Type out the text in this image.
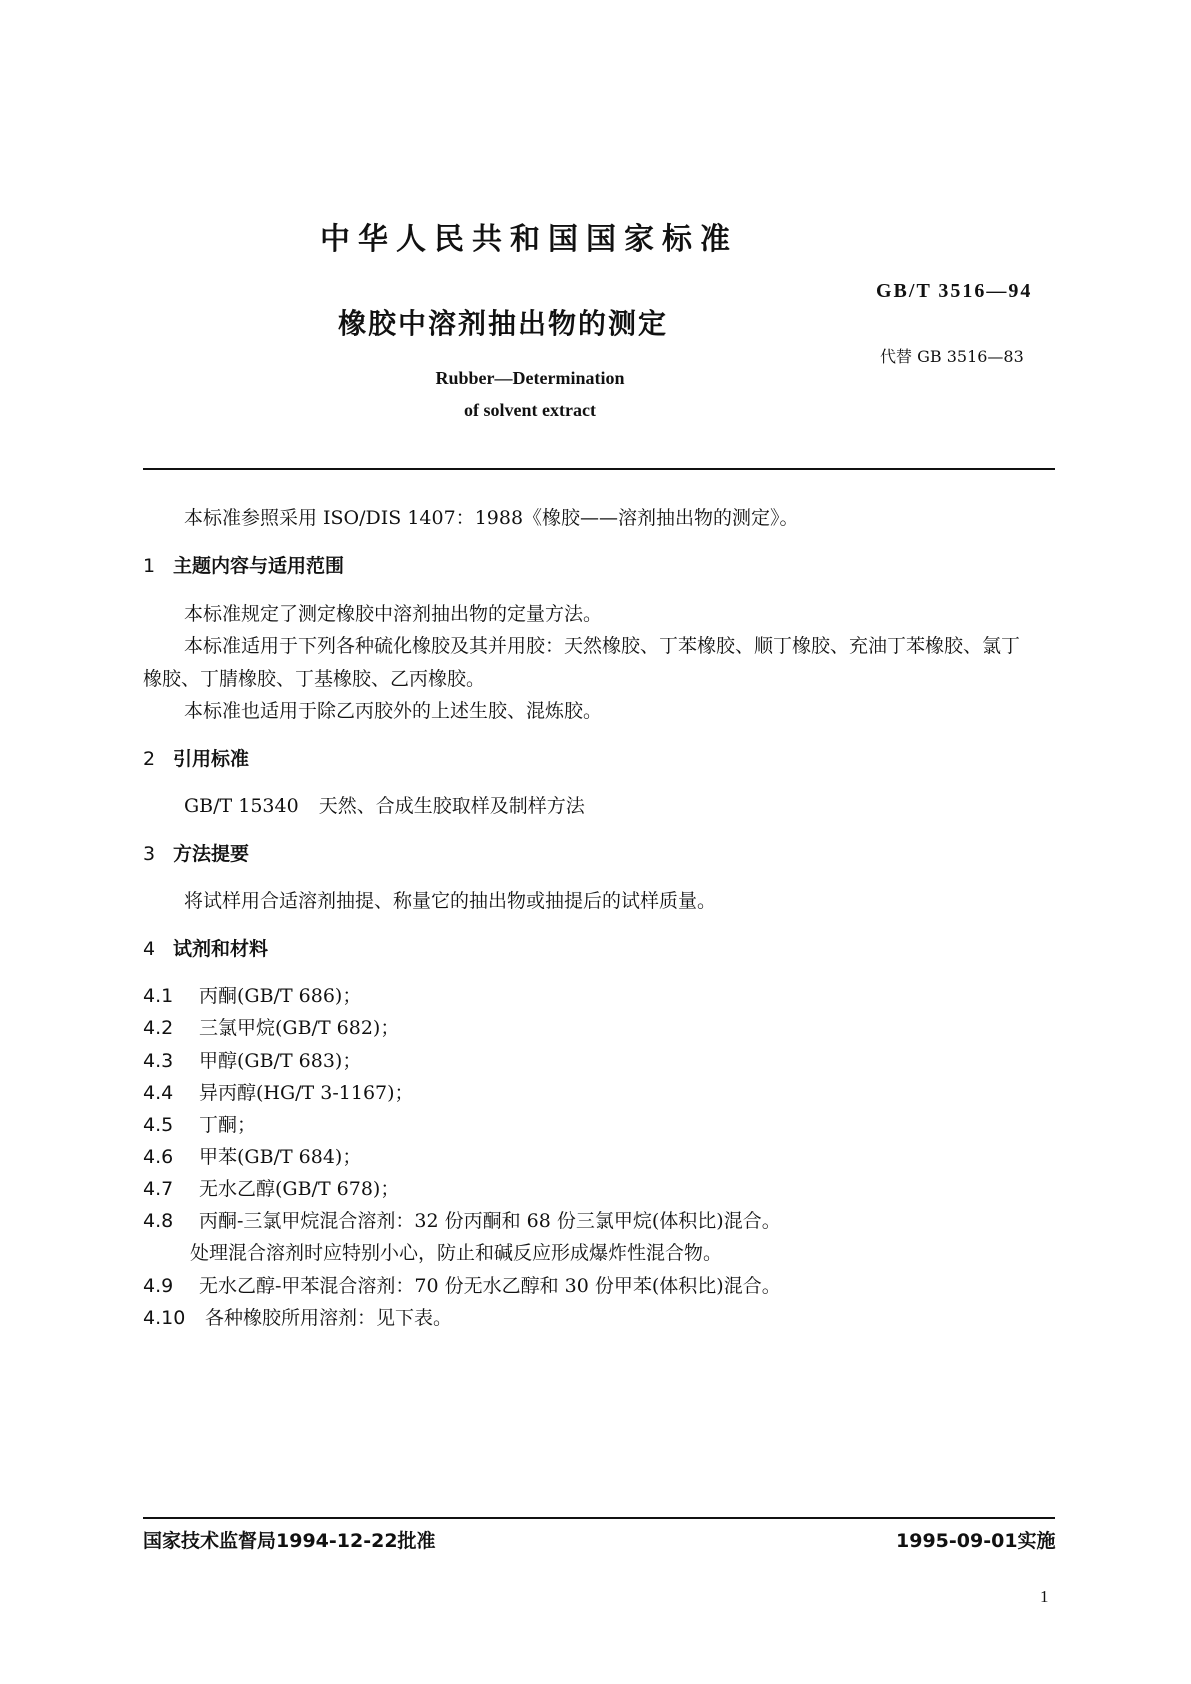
中华人民共和国国家标准
GB/T 3516—94
橡胶中溶剂抽出物的测定
代替 GB 3516—83
Rubber—Determination
of solvent extract
本标准参照采用 ISO/DIS 1407：1988《橡胶——溶剂抽出物的测定》。
1 主题内容与适用范围
本标准规定了测定橡胶中溶剂抽出物的定量方法。
本标准适用于下列各种硫化橡胶及其并用胶：天然橡胶、丁苯橡胶、顺丁橡胶、充油丁苯橡胶、氯丁
橡胶、丁腈橡胶、丁基橡胶、乙丙橡胶。
本标准也适用于除乙丙胶外的上述生胶、混炼胶。
2 引用标准
GB/T 15340 天然、合成生胶取样及制样方法
3 方法提要
将试样用合适溶剂抽提、称量它的抽出物或抽提后的试样质量。
4 试剂和材料
4.1 丙酮(GB/T 686)；
4.2 三氯甲烷(GB/T 682)；
4.3 甲醇(GB/T 683)；
4.4 异丙醇(HG/T 3-1167)；
4.5 丁酮；
4.6 甲苯(GB/T 684)；
4.7 无水乙醇(GB/T 678)；
4.8 丙酮-三氯甲烷混合溶剂：32 份丙酮和 68 份三氯甲烷(体积比)混合。
处理混合溶剂时应特别小心，防止和碱反应形成爆炸性混合物。
4.9 无水乙醇-甲苯混合溶剂：70 份无水乙醇和 30 份甲苯(体积比)混合。
4.10 各种橡胶所用溶剂：见下表。
国家技术监督局1994-12-22批准	1995-09-01实施
1
